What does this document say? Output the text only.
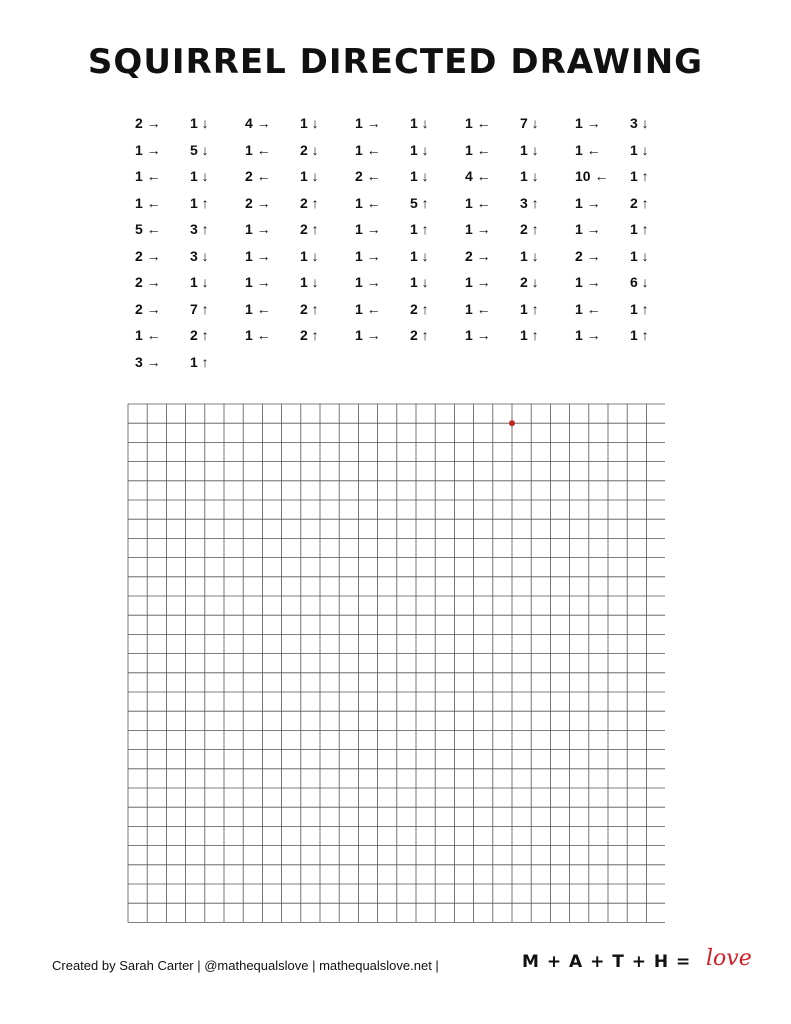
SQUIRREL DIRECTED DRAWING
2 → 1 ↓	4 → 1 ↓	1 → 1 ↓	1 ← 7 ↓	1 → 3 ↓
1 → 5 ↓	1 ← 2 ↓	1 ← 1 ↓	1 ← 1 ↓	1 ← 1 ↓
1 ← 1 ↓	2 ← 1 ↓	2 ← 1 ↓	4 ← 1 ↓	10 ← 1 ↑
1 ← 1 ↑	2 → 2 ↑	1 ← 5 ↑	1 ← 3 ↑	1 → 2 ↑
5 ← 3 ↑	1 → 2 ↑	1 → 1 ↑	1 → 2 ↑	1 → 1 ↑
2 → 3 ↓	1 → 1 ↓	1 → 1 ↓	2 → 1 ↓	2 → 1 ↓
2 → 1 ↓	1 → 1 ↓	1 → 1 ↓	1 → 2 ↓	1 → 6 ↓
2 → 7 ↑	1 ← 2 ↑	1 ← 2 ↑	1 ← 1 ↑	1 ← 1 ↑
1 ← 2 ↑	1 ← 2 ↑	1 → 2 ↑	1 → 1 ↑	1 → 1 ↑
3 → 1 ↑
Created by Sarah Carter | @mathequalslove | mathequalslove.net |	M + A + T + H = love
